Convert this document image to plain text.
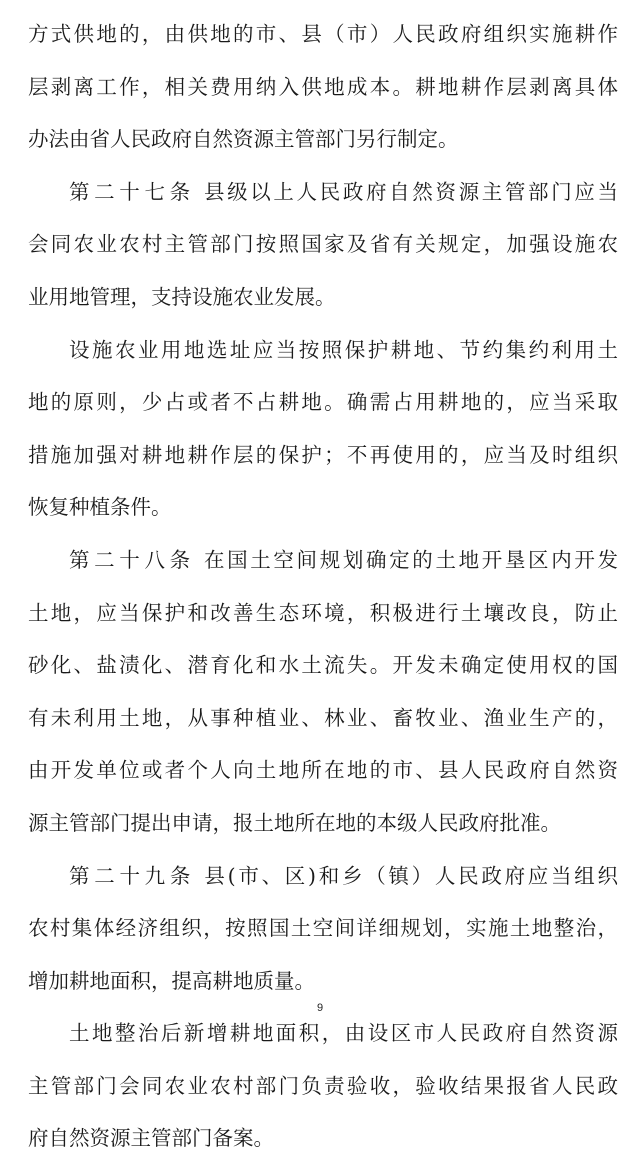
方式供地的，由供地的市、县（市）人民政府组织实施耕作
层剥离工作，相关费用纳入供地成本。耕地耕作层剥离具体
办法由省人民政府自然资源主管部门另行制定。
第二十七条 县级以上人民政府自然资源主管部门应当
会同农业农村主管部门按照国家及省有关规定，加强设施农
业用地管理，支持设施农业发展。
设施农业用地选址应当按照保护耕地、节约集约利用土
地的原则，少占或者不占耕地。确需占用耕地的，应当采取
措施加强对耕地耕作层的保护；不再使用的，应当及时组织
恢复种植条件。
第二十八条 在国土空间规划确定的土地开垦区内开发
土地，应当保护和改善生态环境，积极进行土壤改良，防止
砂化、盐渍化、潜育化和水土流失。开发未确定使用权的国
有未利用土地，从事种植业、林业、畜牧业、渔业生产的，
由开发单位或者个人向土地所在地的市、县人民政府自然资
源主管部门提出申请，报土地所在地的本级人民政府批准。
第二十九条 县(市、区)和乡（镇）人民政府应当组织
农村集体经济组织，按照国土空间详细规划，实施土地整治，
增加耕地面积，提高耕地质量。
土地整治后新增耕地面积，由设区市人民政府自然资源
主管部门会同农业农村部门负责验收，验收结果报省人民政
府自然资源主管部门备案。
9
